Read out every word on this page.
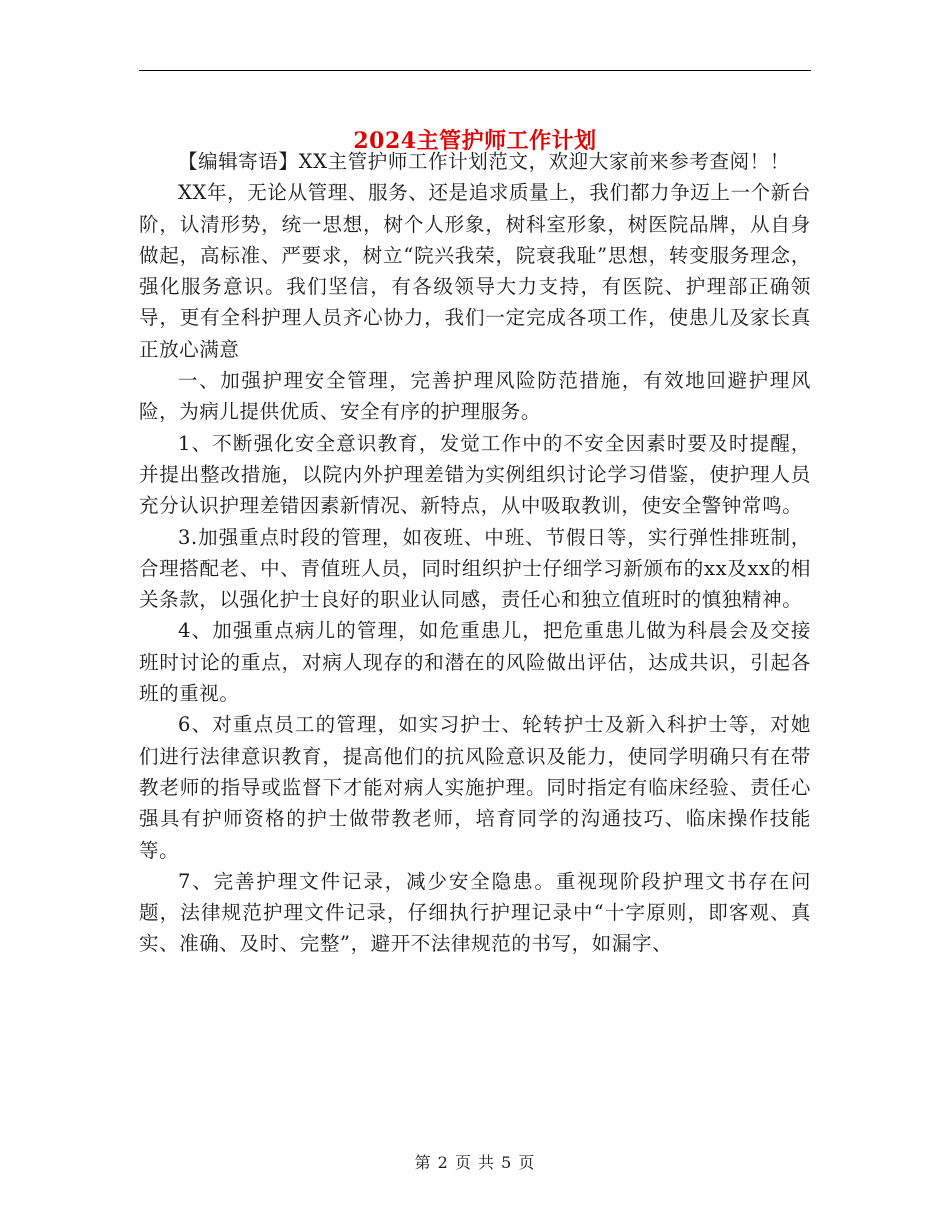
2024主管护师工作计划

【编辑寄语】XX主管护师工作计划范文，欢迎大家前来参考查阅！！

XX年，无论从管理、服务、还是追求质量上，我们都力争迈上一个新台阶，认清形势，统一思想，树个人形象，树科室形象，树医院品牌，从自身做起，高标准、严要求，树立“院兴我荣，院衰我耻”思想，转变服务理念，强化服务意识。我们坚信，有各级领导大力支持，有医院、护理部正确领导，更有全科护理人员齐心协力，我们一定完成各项工作，使患儿及家长真正放心满意

一、加强护理安全管理，完善护理风险防范措施，有效地回避护理风险，为病儿提供优质、安全有序的护理服务。

1、不断强化安全意识教育，发觉工作中的不安全因素时要及时提醒，并提出整改措施，以院内外护理差错为实例组织讨论学习借鉴，使护理人员充分认识护理差错因素新情况、新特点，从中吸取教训，使安全警钟常鸣。

3.加强重点时段的管理，如夜班、中班、节假日等，实行弹性排班制，合理搭配老、中、青值班人员，同时组织护士仔细学习新颁布的xx及xx的相关条款，以强化护士良好的职业认同感，责任心和独立值班时的慎独精神。

4、加强重点病儿的管理，如危重患儿，把危重患儿做为科晨会及交接班时讨论的重点，对病人现存的和潜在的风险做出评估，达成共识，引起各班的重视。

6、对重点员工的管理，如实习护士、轮转护士及新入科护士等，对她们进行法律意识教育，提高他们的抗风险意识及能力，使同学明确只有在带教老师的指导或监督下才能对病人实施护理。同时指定有临床经验、责任心强具有护师资格的护士做带教老师，培育同学的沟通技巧、临床操作技能等。

7、完善护理文件记录，减少安全隐患。重视现阶段护理文书存在问题，法律规范护理文件记录，仔细执行护理记录中“十字原则，即客观、真实、准确、及时、完整”，避开不法律规范的书写，如漏字、

第 2 页 共 5 页
